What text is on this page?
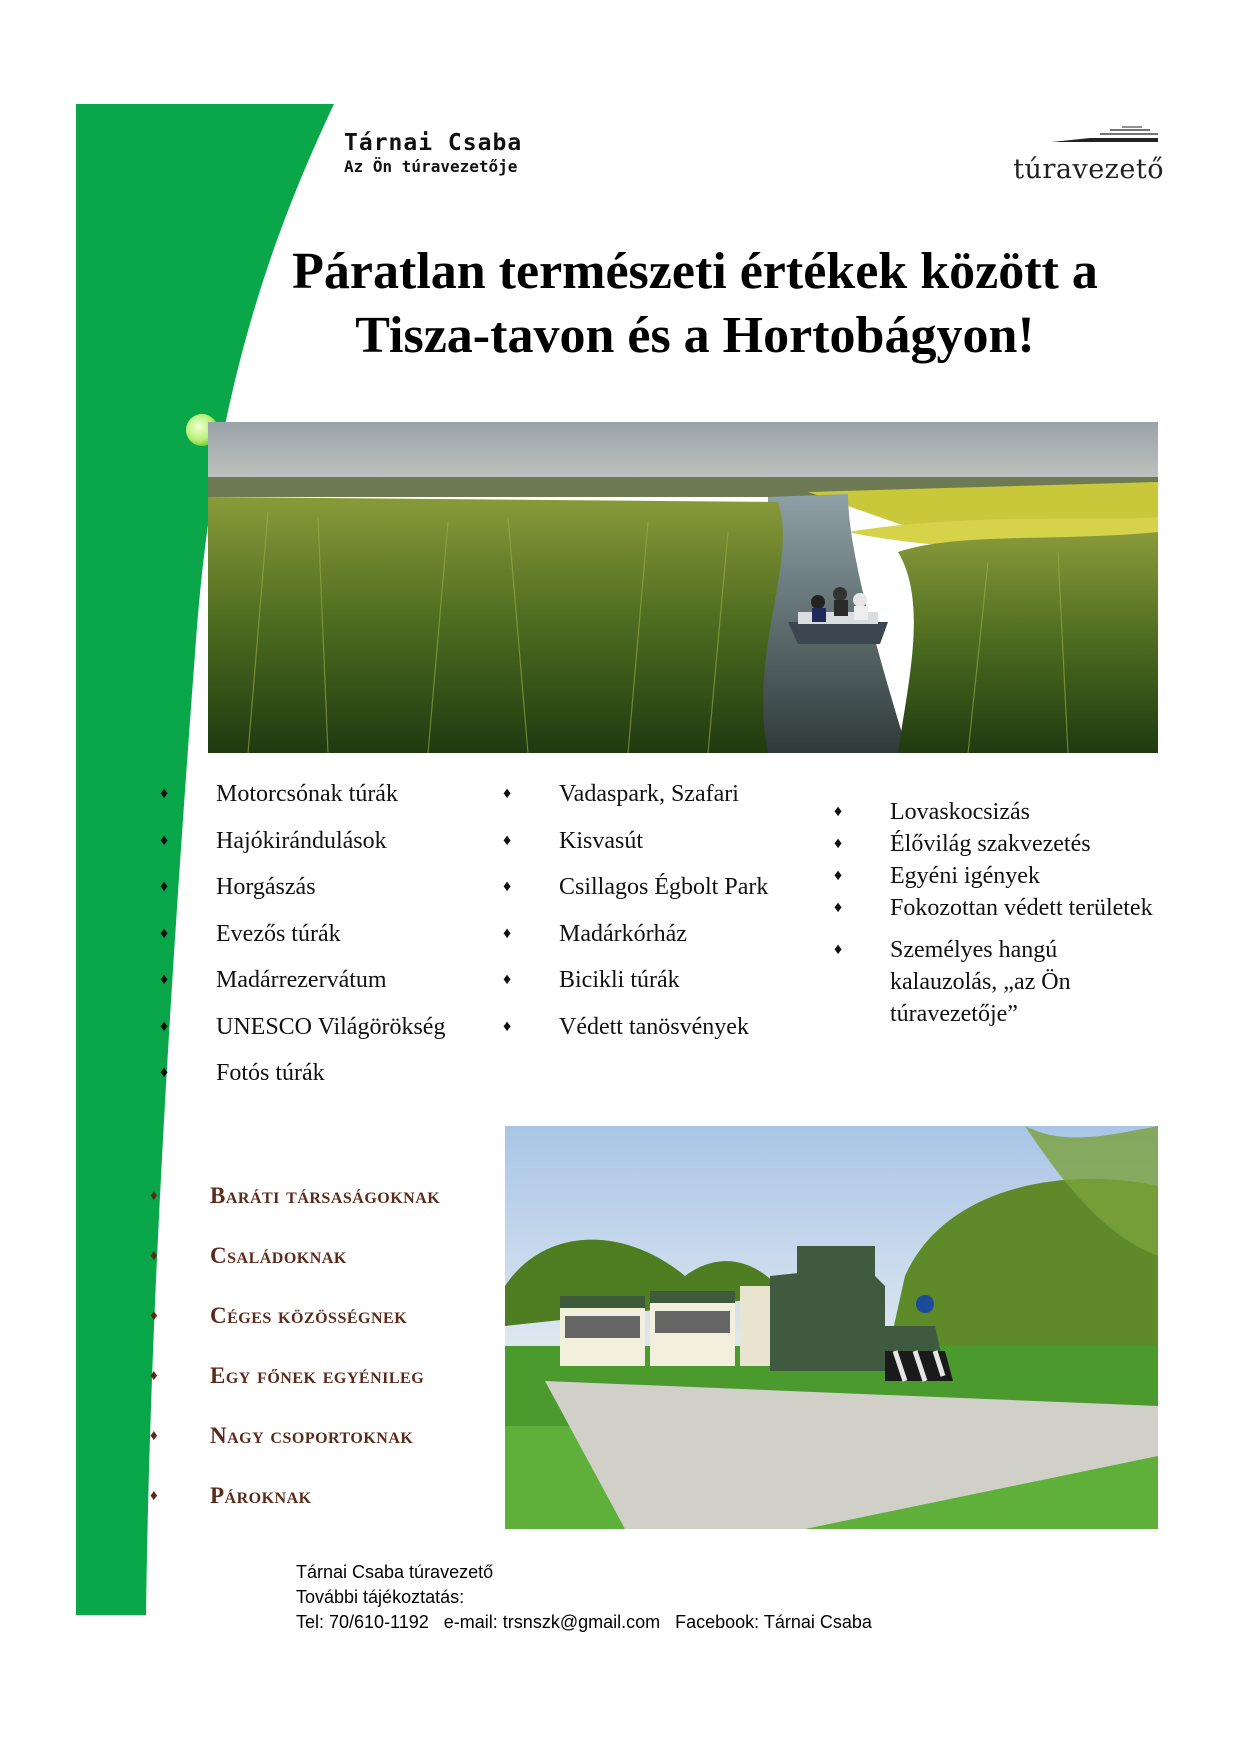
Tárnai Csaba
Az Ön túravezetője	túravezető
Páratlan természeti értékek között a
Tisza-tavon és a Hortobágyon!
♦ Motorcsónak túrák
♦ Hajókirándulások
♦ Horgászás
♦ Evezős túrák
♦ Madárrezervátum
♦ UNESCO Világörökség
♦ Fotós túrák
♦ Vadaspark, Szafari
♦ Kisvasút
♦ Csillagos Égbolt Park
♦ Madárkórház
♦ Bicikli túrák
♦ Védett tanösvények
♦ Lovaskocsizás
♦ Élővilág szakvezetés
♦ Egyéni igények
♦ Fokozottan védett területek
♦ Személyes hangú kalauzolás, „az Ön túravezetője”
♦ Baráti társaságoknak
♦ Családoknak
♦ Céges közösségnek
♦ Egy főnek egyénileg
♦ Nagy csoportoknak
♦ Pároknak
Tárnai Csaba túravezető
További tájékoztatás:
Tel: 70/610-1192 e-mail: trsnszk@gmail.com Facebook: Tárnai Csaba
